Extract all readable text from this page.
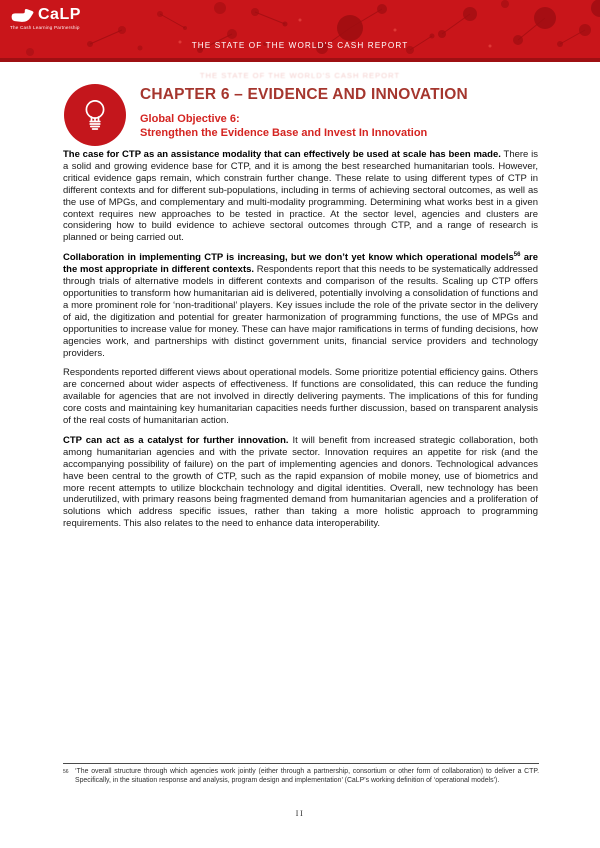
CaLP
The Cash Learning Partnership
THE STATE OF THE WORLD'S CASH REPORT
THE STATE OF THE WORLD'S CASH REPORT
CHAPTER 6 – EVIDENCE AND INNOVATION
Global Objective 6:
Strengthen the Evidence Base and Invest In Innovation

The case for CTP as an assistance modality that can effectively be used at scale has been made. There is a solid and growing evidence base for CTP, and it is among the best researched humanitarian tools. However, critical evidence gaps remain, which constrain further change. These relate to using different types of CTP in different contexts and for different sub-populations, including in terms of achieving sectoral outcomes, as well as the use of MPGs, and complementary and multi-modality programming. Determining what works best in a given context requires new approaches to be tested in practice. At the sector level, agencies and clusters are considering how to build evidence to achieve sectoral outcomes through CTP, and a range of research is planned or being carried out.

Collaboration in implementing CTP is increasing, but we don’t yet know which operational models$^{56}$ are the most appropriate in different contexts. Respondents report that this needs to be systematically addressed through trials of alternative models in different contexts and comparison of the results. Scaling up CTP offers opportunities to transform how humanitarian aid is delivered, potentially involving a consolidation of functions and a more prominent role for ‘non-traditional’ players. Key issues include the role of the private sector in the delivery of aid, the digitization and potential for greater harmonization of programming functions, the use of MPGs and opportunities to increase value for money. These can have major ramifications in terms of funding decisions, how agencies work, and partnerships with distinct government units, financial service providers and technology providers.

Respondents reported different views about operational models. Some prioritize potential efficiency gains. Others are concerned about wider aspects of effectiveness. If functions are consolidated, this can reduce the funding available for agencies that are not involved in directly delivering payments. The implications of this for funding core costs and maintaining key humanitarian capacities needs further discussion, based on transparent analysis of the real costs of humanitarian action.

CTP can act as a catalyst for further innovation. It will benefit from increased strategic collaboration, both among humanitarian agencies and with the private sector. Innovation requires an appetite for risk (and the accompanying possibility of failure) on the part of implementing agencies and donors. Technological advances have been central to the growth of CTP, such as the rapid expansion of mobile money, use of biometrics and more recent attempts to utilize blockchain technology and digital identities. Overall, new technology has been underutilized, with primary reasons being fragmented demand from humanitarian agencies and a proliferation of solutions which address specific issues, rather than taking a more holistic approach to programming requirements. This also relates to the need to enhance data interoperability.

56 ‘The overall structure through which agencies work jointly (either through a partnership, consortium or other form of collaboration) to deliver a CTP. Specifically, in the situation response and analysis, program design and implementation’ (CaLP’s working definition of ‘operational models’).
II
